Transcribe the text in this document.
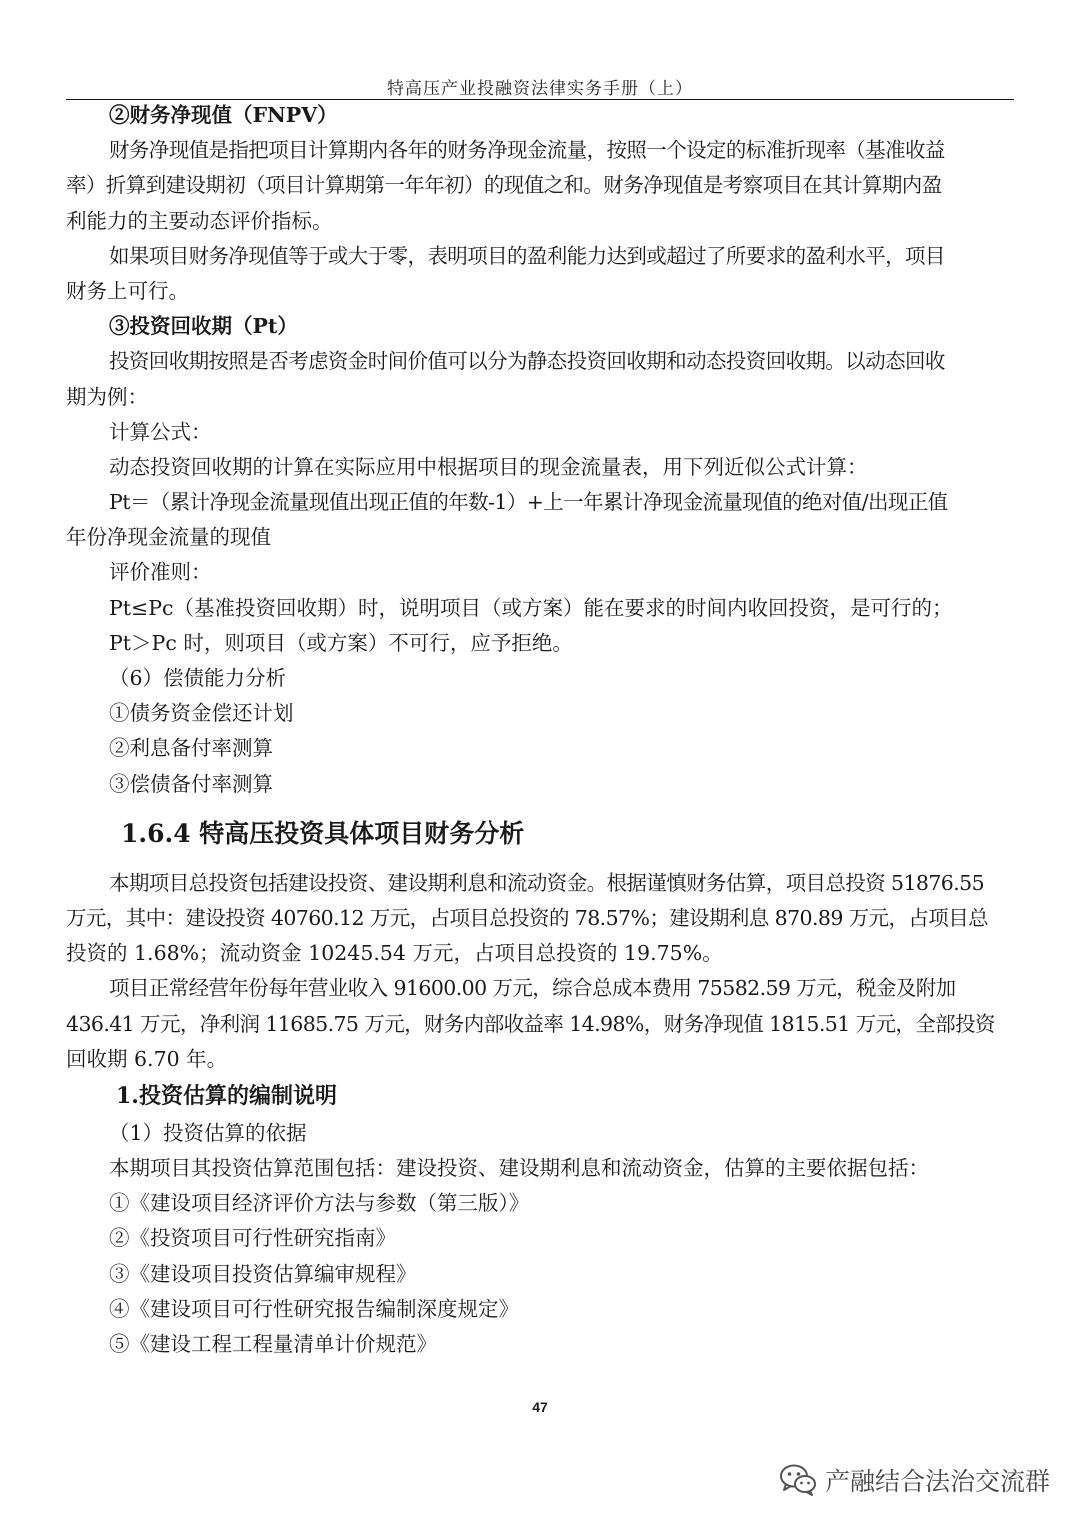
特高压产业投融资法律实务手册（上）
②财务净现值（FNPV）
财务净现值是指把项目计算期内各年的财务净现金流量，按照一个设定的标准折现率（基准收益
率）折算到建设期初（项目计算期第一年年初）的现值之和。财务净现值是考察项目在其计算期内盈
利能力的主要动态评价指标。
如果项目财务净现值等于或大于零，表明项目的盈利能力达到或超过了所要求的盈利水平，项目
财务上可行。
③投资回收期（Pt）
投资回收期按照是否考虑资金时间价值可以分为静态投资回收期和动态投资回收期。以动态回收
期为例：
计算公式：
动态投资回收期的计算在实际应用中根据项目的现金流量表，用下列近似公式计算：
Pt＝（累计净现金流量现值出现正值的年数-1）+上一年累计净现金流量现值的绝对值/出现正值
年份净现金流量的现值
评价准则：
Pt≤Pc（基准投资回收期）时，说明项目（或方案）能在要求的时间内收回投资，是可行的；
Pt＞Pc 时，则项目（或方案）不可行，应予拒绝。
（6）偿债能力分析
①债务资金偿还计划
②利息备付率测算
③偿债备付率测算
1.6.4 特高压投资具体项目财务分析
本期项目总投资包括建设投资、建设期利息和流动资金。根据谨慎财务估算，项目总投资 51876.55
万元，其中：建设投资 40760.12 万元，占项目总投资的 78.57%；建设期利息 870.89 万元，占项目总
投资的 1.68%；流动资金 10245.54 万元，占项目总投资的 19.75%。
项目正常经营年份每年营业收入 91600.00 万元，综合总成本费用 75582.59 万元，税金及附加
436.41 万元，净利润 11685.75 万元，财务内部收益率 14.98%，财务净现值 1815.51 万元，全部投资
回收期 6.70 年。
1.投资估算的编制说明
（1）投资估算的依据
本期项目其投资估算范围包括：建设投资、建设期利息和流动资金，估算的主要依据包括：
①《建设项目经济评价方法与参数（第三版）》
②《投资项目可行性研究指南》
③《建设项目投资估算编审规程》
④《建设项目可行性研究报告编制深度规定》
⑤《建设工程工程量清单计价规范》
47
产融结合法治交流群
